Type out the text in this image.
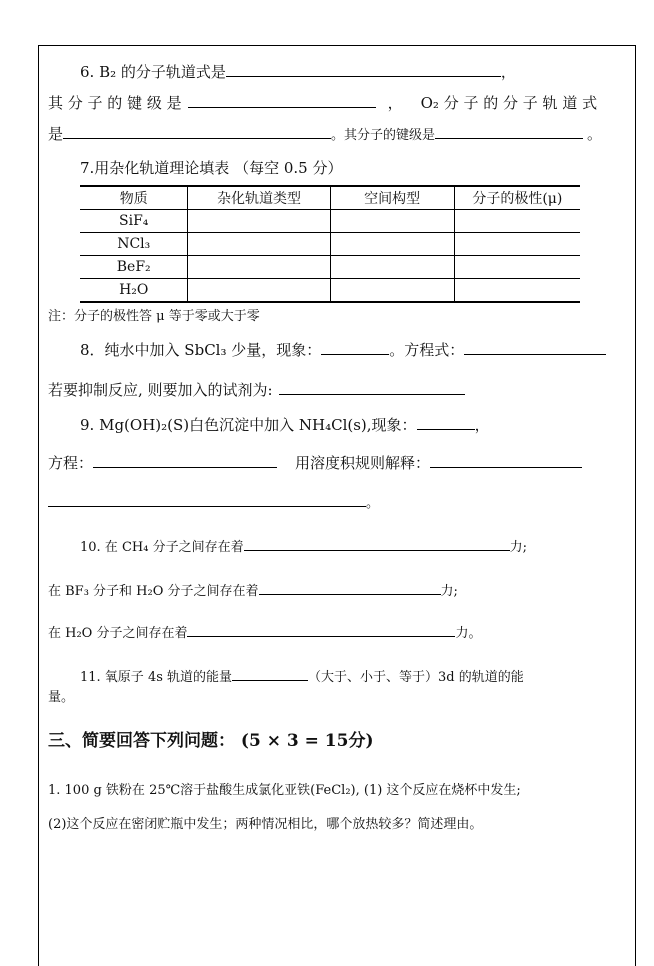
6. B₂ 的分子轨道式是	，
其 分 子 的 键 级 是	， O₂ 分 子 的 分 子 轨 道 式
是	。其分子的键级是	。
7.用杂化轨道理论填表 （每空 0.5 分）
物质	杂化轨道类型	空间构型	分子的极性(μ)
SiF₄			
NCl₃			
BeF₂			
H₂O			
注：分子的极性答 μ 等于零或大于零
8．纯水中加入 SbCl₃ 少量，现象：	。方程式：
若要抑制反应, 则要加入的试剂为:
9. Mg(OH)₂(S)白色沉淀中加入 NH₄Cl(s),现象：	，
方程：	用溶度积规则解释：
。
10. 在 CH₄ 分子之间存在着	力;
在 BF₃ 分子和 H₂O 分子之间存在着	力;
在 H₂O 分子之间存在着	力。
11. 氧原子 4s 轨道的能量	（大于、小于、等于）3d 的轨道的能
量。
三、简要回答下列问题： (5 × 3 = 15分)
1. 100 g 铁粉在 25℃溶于盐酸生成氯化亚铁(FeCl₂), (1) 这个反应在烧杯中发生;
(2)这个反应在密闭贮瓶中发生；两种情况相比，哪个放热较多？简述理由。
